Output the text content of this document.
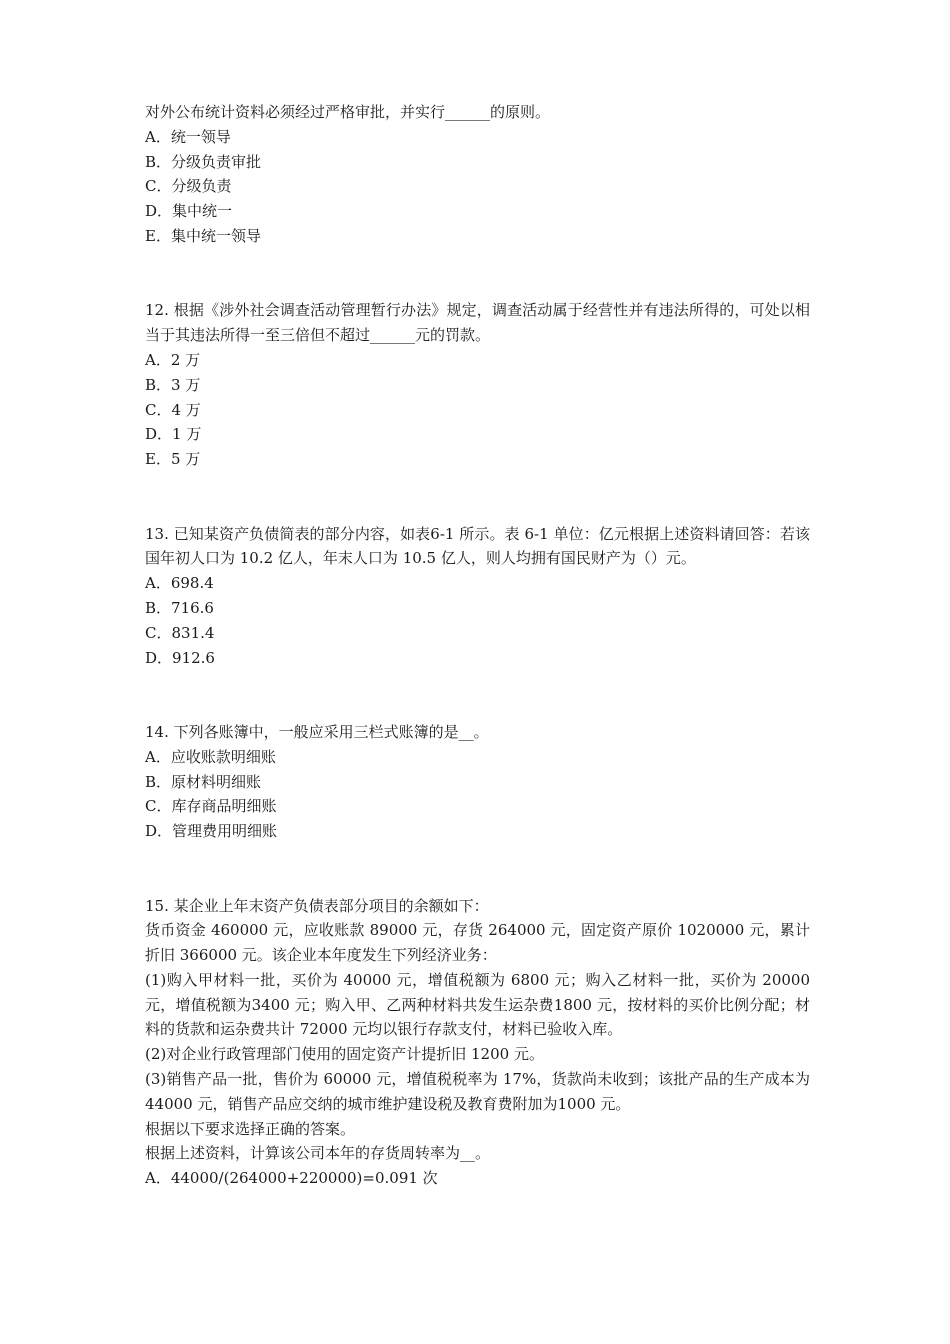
对外公布统计资料必须经过严格审批，并实行______的原则。

A．统一领导

B．分级负责审批

C．分级负责

D．集中统一

E．集中统一领导

12. 根据《涉外社会调查活动管理暂行办法》规定，调查活动属于经营性并有违法所得的，可处以相当于其违法所得一至三倍但不超过______元的罚款。

A．2 万

B．3 万

C．4 万

D．1 万

E．5 万

13. 已知某资产负债简表的部分内容，如表6-1 所示。表 6-1 单位：亿元根据上述资料请回答：若该国年初人口为 10.2 亿人，年末人口为 10.5 亿人，则人均拥有国民财产为（）元。

A．698.4

B．716.6

C．831.4

D．912.6

14. 下列各账簿中，一般应采用三栏式账簿的是__。

A．应收账款明细账

B．原材料明细账

C．库存商品明细账

D．管理费用明细账

15. 某企业上年末资产负债表部分项目的余额如下：

货币资金 460000 元，应收账款 89000 元，存货 264000 元，固定资产原价 1020000 元，累计折旧 366000 元。该企业本年度发生下列经济业务：

(1)购入甲材料一批，买价为 40000 元，增值税额为 6800 元；购入乙材料一批，买价为 20000 元，增值税额为3400 元；购入甲、乙两种材料共发生运杂费1800 元，按材料的买价比例分配；材料的货款和运杂费共计 72000 元均以银行存款支付，材料已验收入库。

(2)对企业行政管理部门使用的固定资产计提折旧 1200 元。

(3)销售产品一批，售价为 60000 元，增值税税率为 17%，货款尚未收到；该批产品的生产成本为 44000 元，销售产品应交纳的城市维护建设税及教育费附加为1000 元。

根据以下要求选择正确的答案。

根据上述资料，计算该公司本年的存货周转率为__。

A．44000/(264000+220000)=0.091 次
